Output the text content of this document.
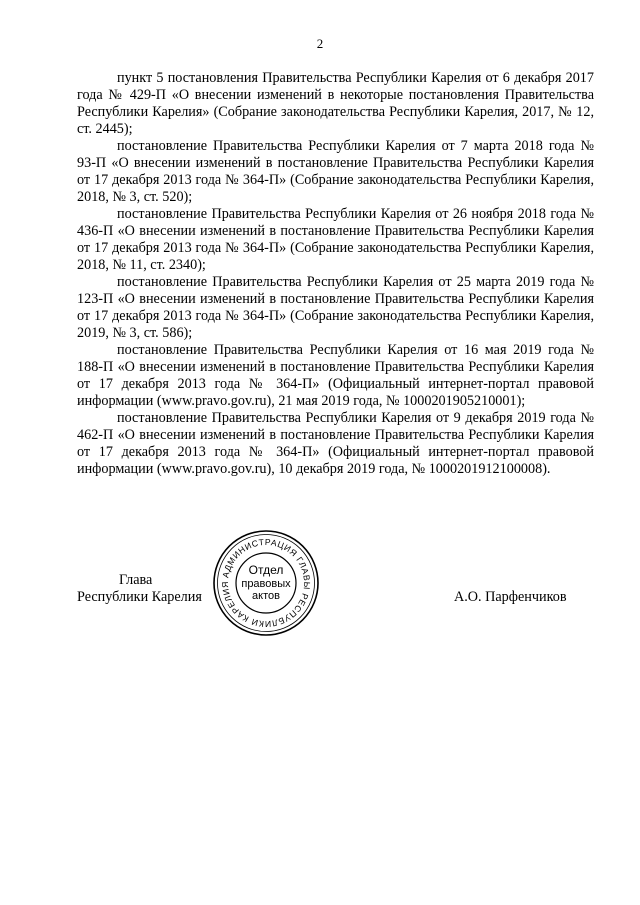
2

пункт 5 постановления Правительства Республики Карелия от 6 декабря 2017 года № 429-П «О внесении изменений в некоторые постановления Правительства Республики Карелия» (Собрание законодательства Республики Карелия, 2017, № 12, ст. 2445);

постановление Правительства Республики Карелия от 7 марта 2018 года № 93-П «О внесении изменений в постановление Правительства Республики Карелия от 17 декабря 2013 года № 364-П» (Собрание законодательства Республики Карелия, 2018, № 3, ст. 520);

постановление Правительства Республики Карелия от 26 ноября 2018 года № 436-П «О внесении изменений в постановление Правительства Республики Карелия от 17 декабря 2013 года № 364-П» (Собрание законодательства Республики Карелия, 2018, № 11, ст. 2340);

постановление Правительства Республики Карелия от 25 марта 2019 года № 123-П «О внесении изменений в постановление Правительства Республики Карелия от 17 декабря 2013 года № 364-П» (Собрание законодательства Республики Карелия, 2019, № 3, ст. 586);

постановление Правительства Республики Карелия от 16 мая 2019 года № 188-П «О внесении изменений в постановление Правительства Республики Карелия от 17 декабря 2013 года № 364-П» (Официальный интернет-портал правовой информации (www.pravo.gov.ru), 21 мая 2019 года, № 1000201905210001);

постановление Правительства Республики Карелия от 9 декабря 2019 года № 462-П «О внесении изменений в постановление Правительства Республики Карелия от 17 декабря 2013 года № 364-П» (Официальный интернет-портал правовой информации (www.pravo.gov.ru), 10 декабря 2019 года, № 1000201912100008).

Глава
Республики Карелия
АДМИНИСТРАЦИЯ ГЛАВЫ РЕСПУБЛИКИ КАРЕЛИЯ
Отдел
правовых
актов	А.О. Парфенчиков
